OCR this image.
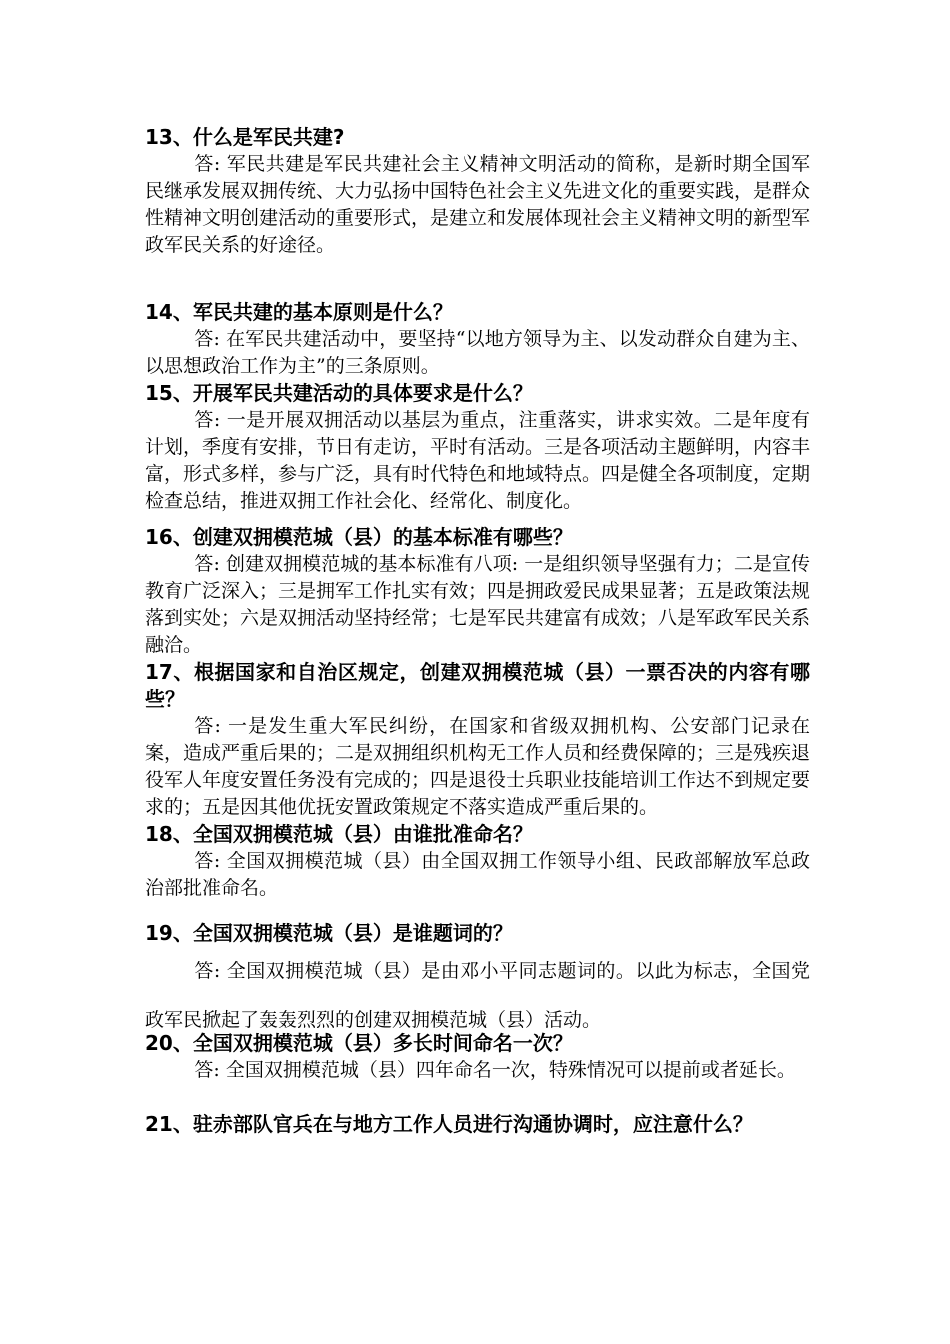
13、什么是军民共建?

答: 军民共建是军民共建社会主义精神文明活动的简称，是新时期全国军民继承发展双拥传统、大力弘扬中国特色社会主义先进文化的重要实践，是群众性精神文明创建活动的重要形式，是建立和发展体现社会主义精神文明的新型军政军民关系的好途径。

14、军民共建的基本原则是什么？

答: 在军民共建活动中，要坚持“以地方领导为主、以发动群众自建为主、以思想政治工作为主”的三条原则。

15、开展军民共建活动的具体要求是什么？

答: 一是开展双拥活动以基层为重点，注重落实，讲求实效。二是年度有计划，季度有安排，节日有走访，平时有活动。三是各项活动主题鲜明，内容丰富，形式多样，参与广泛，具有时代特色和地域特点。四是健全各项制度，定期检查总结，推进双拥工作社会化、经常化、制度化。

16、创建双拥模范城（县）的基本标准有哪些？

答: 创建双拥模范城的基本标准有八项: 一是组织领导坚强有力；二是宣传教育广泛深入；三是拥军工作扎实有效；四是拥政爱民成果显著；五是政策法规落到实处；六是双拥活动坚持经常；七是军民共建富有成效；八是军政军民关系融洽。

17、根据国家和自治区规定，创建双拥模范城（县）一票否决的内容有哪些？

答: 一是发生重大军民纠纷，在国家和省级双拥机构、公安部门记录在案，造成严重后果的；二是双拥组织机构无工作人员和经费保障的；三是残疾退役军人年度安置任务没有完成的；四是退役士兵职业技能培训工作达不到规定要求的；五是因其他优抚安置政策规定不落实造成严重后果的。

18、全国双拥模范城（县）由谁批准命名？

答: 全国双拥模范城（县）由全国双拥工作领导小组、民政部解放军总政治部批准命名。

19、全国双拥模范城（县）是谁题词的？

答: 全国双拥模范城（县）是由邓小平同志题词的。以此为标志，全国党政军民掀起了轰轰烈烈的创建双拥模范城（县）活动。

20、全国双拥模范城（县）多长时间命名一次？

答: 全国双拥模范城（县）四年命名一次，特殊情况可以提前或者延长。

21、驻赤部队官兵在与地方工作人员进行沟通协调时，应注意什么？
